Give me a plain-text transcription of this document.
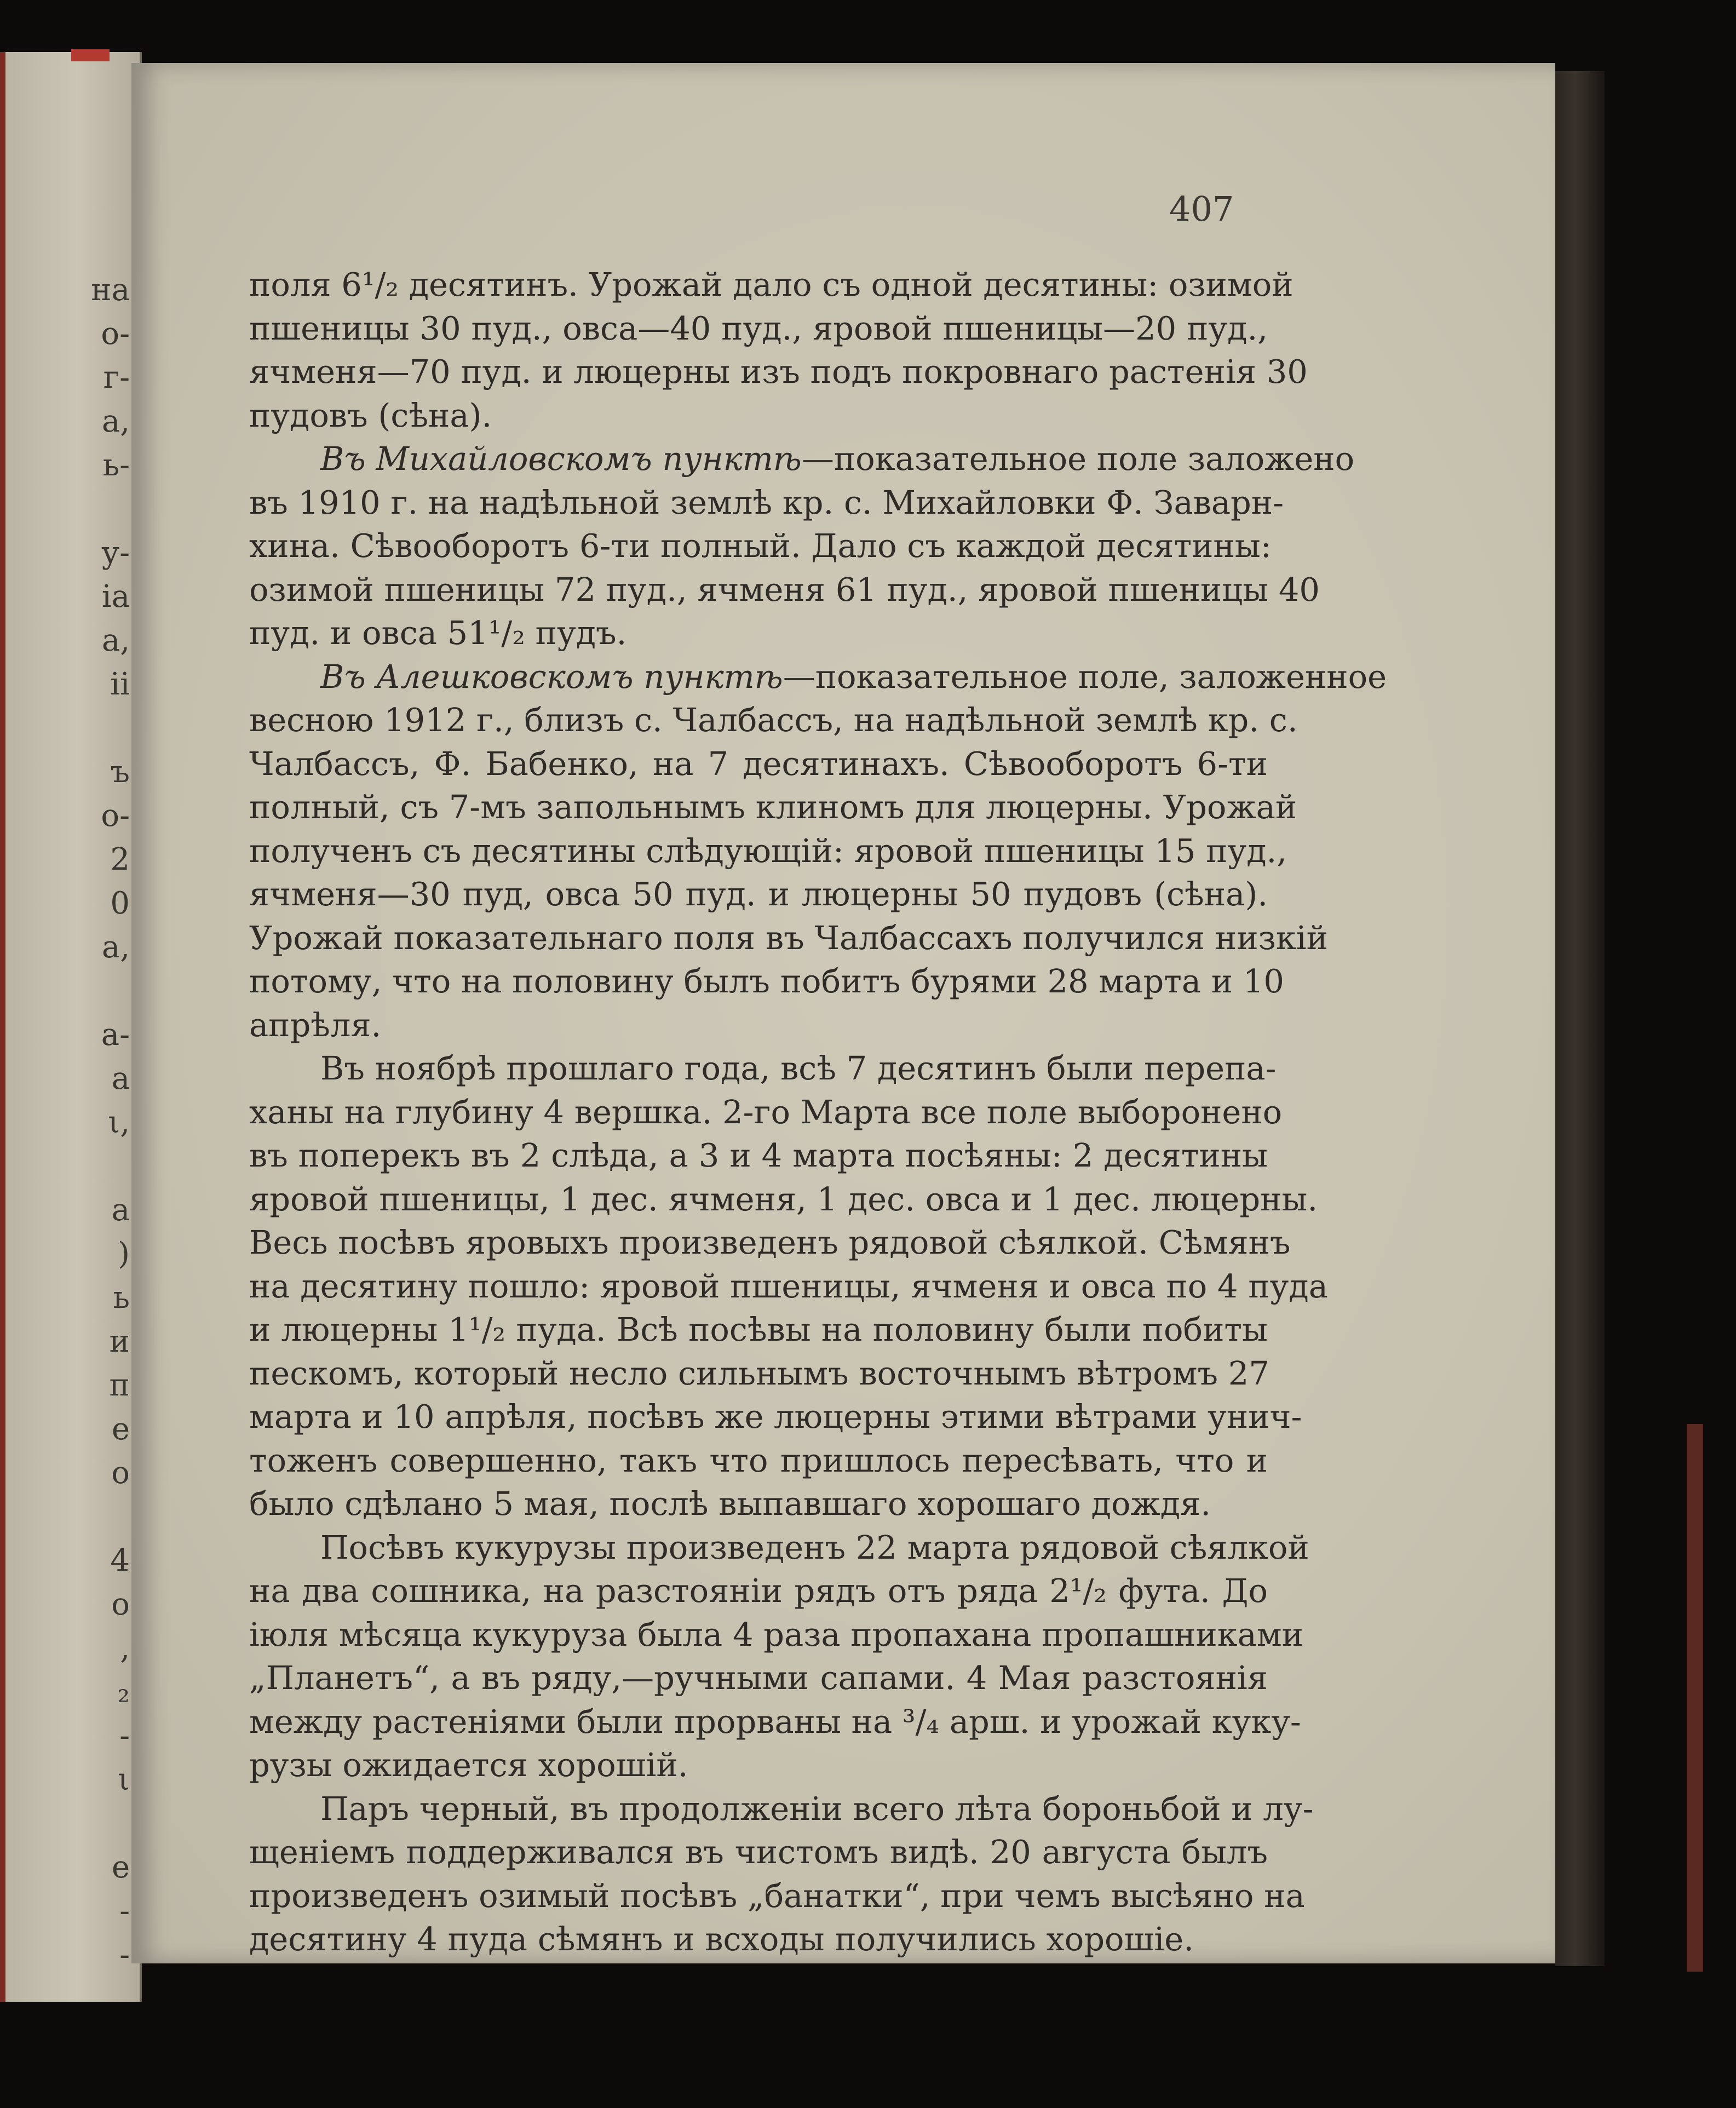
на
о-
г-
а,
ь-
у-
ia
а,
ii
ъ
о-
2
0
а,
а-
а
ι,
а
)
ь
и
п
е
о
4
о
,
₂
-
ι
е
-
-
407
поля 6¹/₂ десятинъ. Урожай дало съ одной десятины: озимой
пшеницы 30 пуд., овса—40 пуд., яровой пшеницы—20 пуд.,
ячменя—70 пуд. и люцерны изъ подъ покровнаго растенія 30
пудовъ (сѣна).
Въ Михайловскомъ пунктѣ—показательное поле заложено
въ 1910 г. на надѣльной землѣ кр. с. Михайловки Ф. Заварн-
хина. Сѣвооборотъ 6-ти полный. Дало съ каждой десятины:
озимой пшеницы 72 пуд., ячменя 61 пуд., яровой пшеницы 40
пуд. и овса 51¹/₂ пудъ.
Въ Алешковскомъ пунктѣ—показательное поле, заложенное
весною 1912 г., близъ с. Чалбассъ, на надѣльной землѣ кр. с.
Чалбассъ, Ф. Бабенко, на 7 десятинахъ. Сѣвооборотъ 6-ти
полный, съ 7-мъ запольнымъ клиномъ для люцерны. Урожай
полученъ съ десятины слѣдующій: яровой пшеницы 15 пуд.,
ячменя—30 пуд, овса 50 пуд. и люцерны 50 пудовъ (сѣна).
Урожай показательнаго поля въ Чалбассахъ получился низкій
потому, что на половину былъ побитъ бурями 28 марта и 10
апрѣля.
Въ ноябрѣ прошлаго года, всѣ 7 десятинъ были перепа-
ханы на глубину 4 вершка. 2-го Марта все поле выборонено
въ поперекъ въ 2 слѣда, а 3 и 4 марта посѣяны: 2 десятины
яровой пшеницы, 1 дес. ячменя, 1 дес. овса и 1 дес. люцерны.
Весь посѣвъ яровыхъ произведенъ рядовой сѣялкой. Сѣмянъ
на десятину пошло: яровой пшеницы, ячменя и овса по 4 пуда
и люцерны 1¹/₂ пуда. Всѣ посѣвы на половину были побиты
пескомъ, который несло сильнымъ восточнымъ вѣтромъ 27
марта и 10 апрѣля, посѣвъ же люцерны этими вѣтрами унич-
тоженъ совершенно, такъ что пришлось пересѣвать, что и
было сдѣлано 5 мая, послѣ выпавшаго хорошаго дождя.
Посѣвъ кукурузы произведенъ 22 марта рядовой сѣялкой
на два сошника, на разстояніи рядъ отъ ряда 2¹/₂ фута. До
іюля мѣсяца кукуруза была 4 раза пропахана пропашниками
„Планетъ“, а въ ряду,—ручными сапами. 4 Мая разстоянія
между растеніями были прорваны на ³/₄ арш. и урожай куку-
рузы ожидается хорошій.
Паръ черный, въ продолженіи всего лѣта бороньбой и лу-
щеніемъ поддерживался въ чистомъ видѣ. 20 августа былъ
произведенъ озимый посѣвъ „банатки“, при чемъ высѣяно на
десятину 4 пуда сѣмянъ и всходы получились хорошіе.
